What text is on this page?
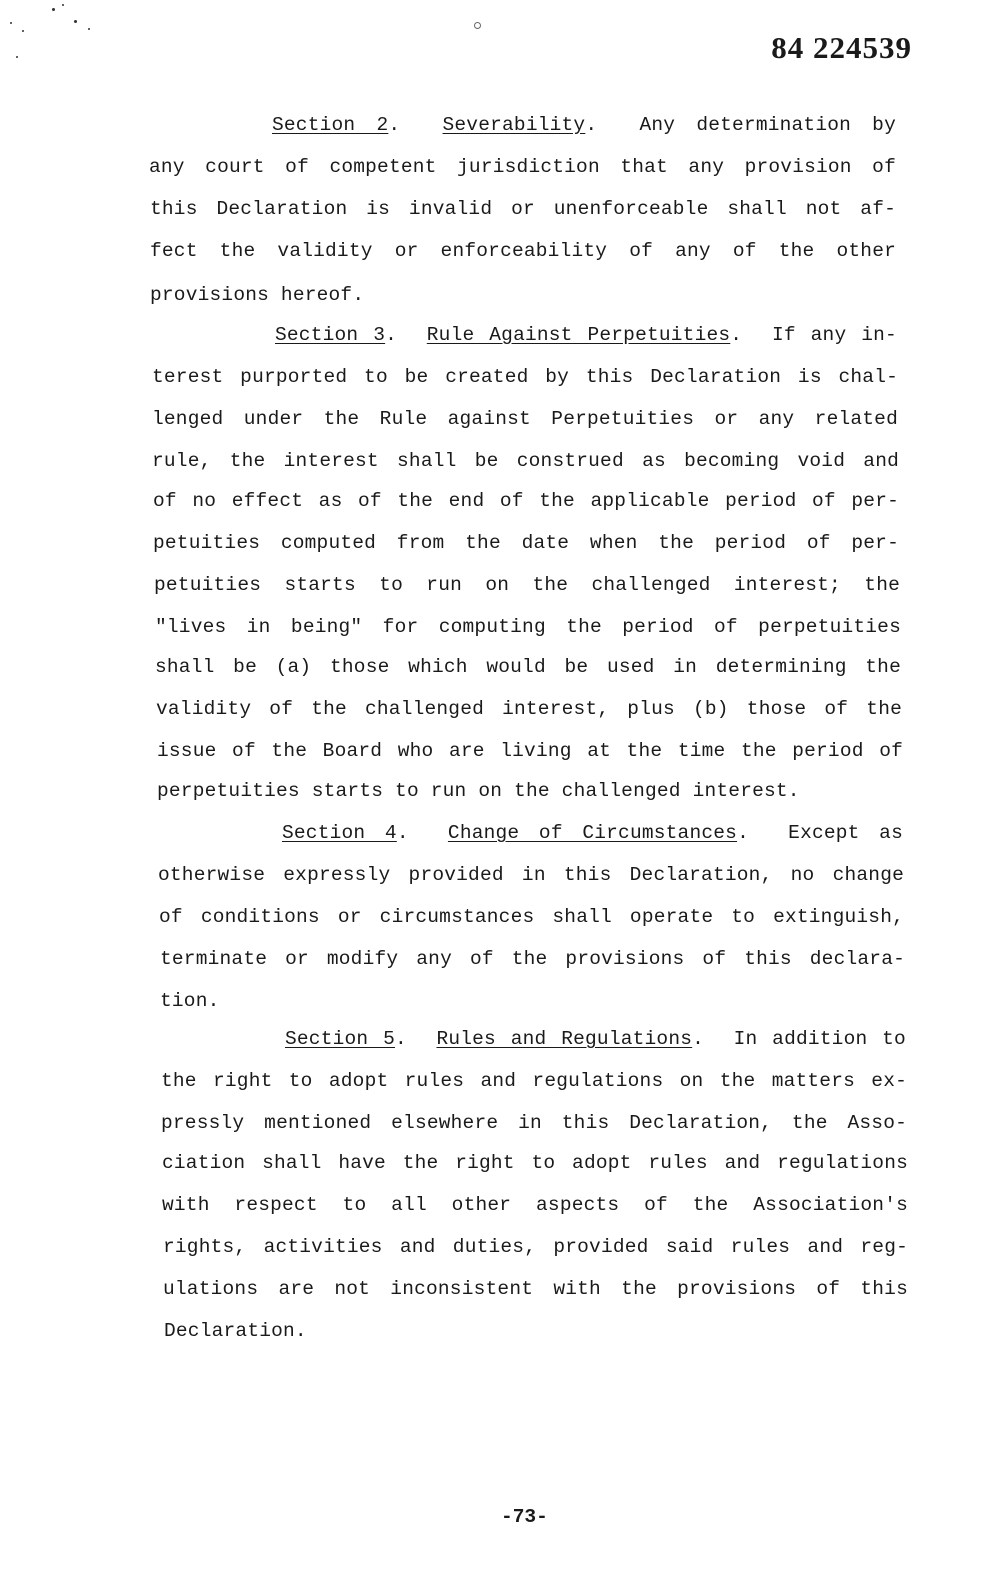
84 224539
Section 2.  Severability.  Any determination by
any court of competent jurisdiction that any provision of
this Declaration is invalid or unenforceable shall not af-
fect the validity or enforceability of any of the other
provisions hereof.
Section 3.  Rule Against Perpetuities.  If any in-
terest purported to be created by this Declaration is chal-
lenged under the Rule against Perpetuities or any related
rule, the interest shall be construed as becoming void and
of no effect as of the end of the applicable period of per-
petuities computed from the date when the period of per-
petuities starts to run on the challenged interest; the
"lives in being" for computing the period of perpetuities
shall be (a) those which would be used in determining the
validity of the challenged interest, plus (b) those of the
issue of the Board who are living at the time the period of
perpetuities starts to run on the challenged interest.
Section 4.  Change of Circumstances.  Except as
otherwise expressly provided in this Declaration, no change
of conditions or circumstances shall operate to extinguish,
terminate or modify any of the provisions of this declara-
tion.
Section 5.  Rules and Regulations.  In addition to
the right to adopt rules and regulations on the matters ex-
pressly mentioned elsewhere in this Declaration, the Asso-
ciation shall have the right to adopt rules and regulations
with respect to all other aspects of the Association's
rights, activities and duties, provided said rules and reg-
ulations are not inconsistent with the provisions of this
Declaration.
-73-
